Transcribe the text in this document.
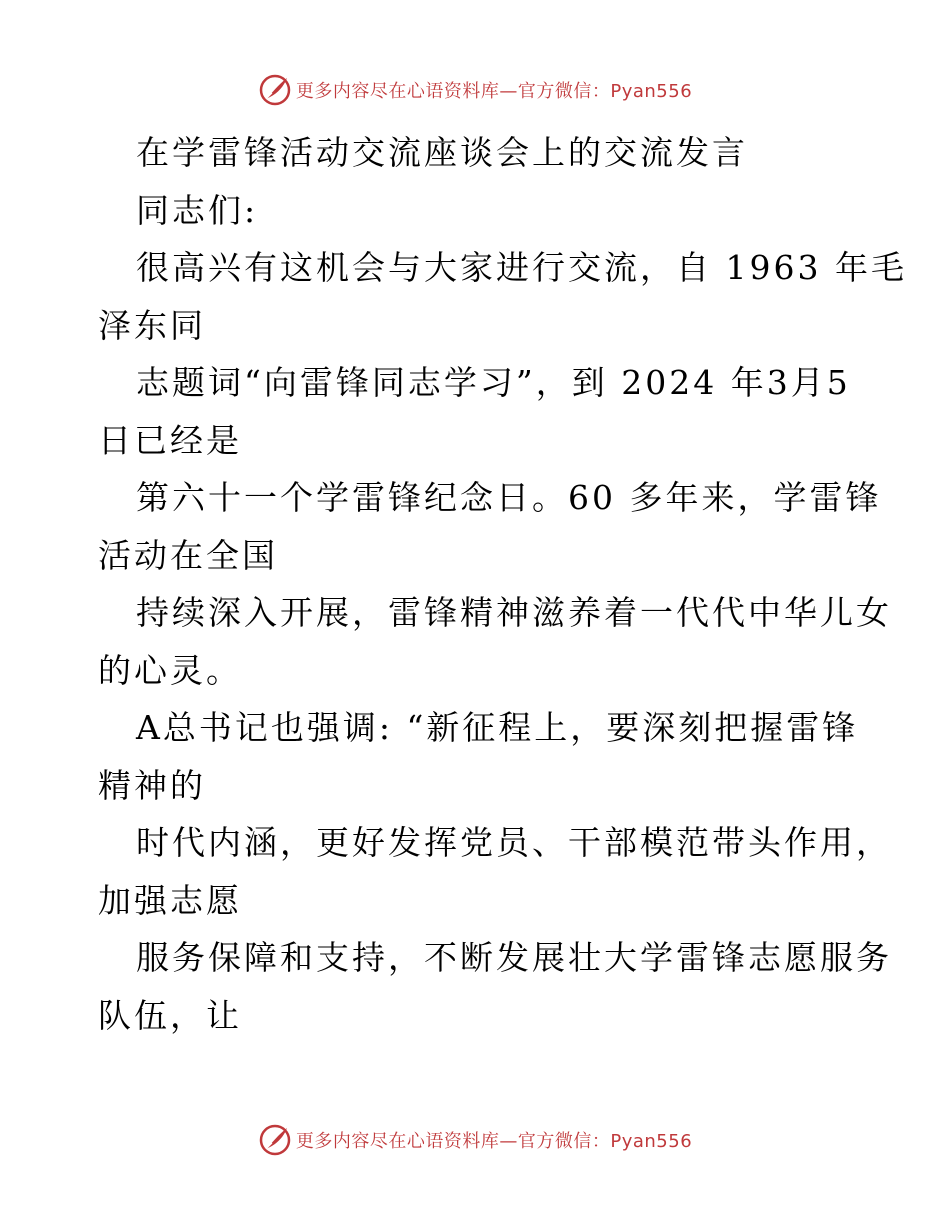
更多内容尽在心语资料库—官方微信：Pyan556
在学雷锋活动交流座谈会上的交流发言
同志们:
很高兴有这机会与大家进行交流，自 1963 年毛
泽东同
志题词“向雷锋同志学习”，到 2024 年3月5
日已经是
第六十一个学雷锋纪念日。60 多年来，学雷锋
活动在全国
持续深入开展，雷锋精神滋养着一代代中华儿女
的心灵。
A总书记也强调: “新征程上，要深刻把握雷锋
精神的
时代内涵，更好发挥党员、干部模范带头作用，
加强志愿
服务保障和支持，不断发展壮大学雷锋志愿服务
队伍，让
更多内容尽在心语资料库—官方微信：Pyan556
